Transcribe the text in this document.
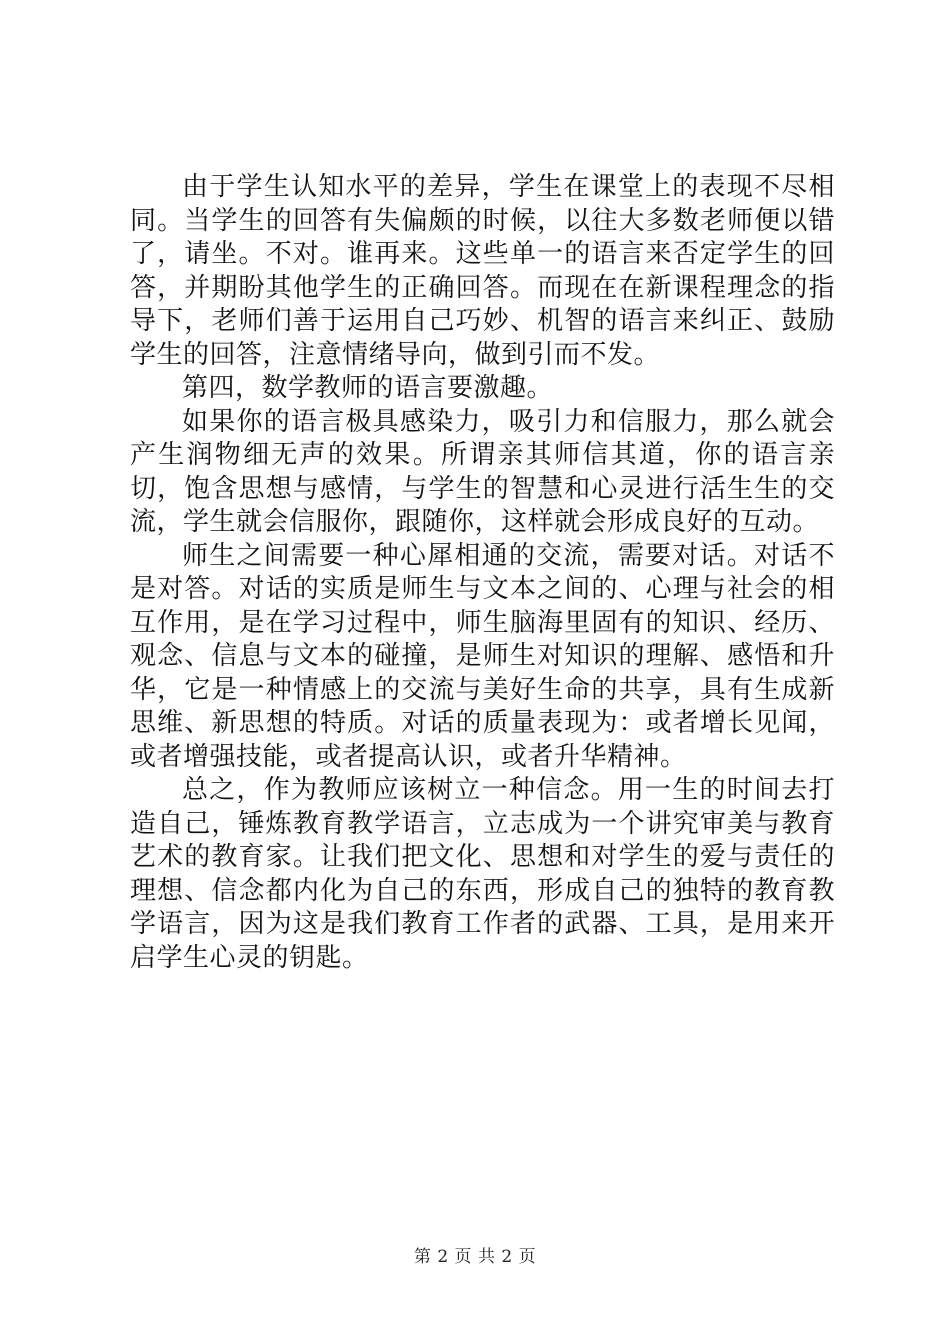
由于学生认知水平的差异，学生在课堂上的表现不尽相同。当学生的回答有失偏颇的时候，以往大多数老师便以错了，请坐。不对。谁再来。这些单一的语言来否定学生的回答，并期盼其他学生的正确回答。而现在在新课程理念的指导下，老师们善于运用自己巧妙、机智的语言来纠正、鼓励学生的回答，注意情绪导向，做到引而不发。

第四，数学教师的语言要激趣。

如果你的语言极具感染力，吸引力和信服力，那么就会产生润物细无声的效果。所谓亲其师信其道，你的语言亲切，饱含思想与感情，与学生的智慧和心灵进行活生生的交流，学生就会信服你，跟随你，这样就会形成良好的互动。

师生之间需要一种心犀相通的交流，需要对话。对话不是对答。对话的实质是师生与文本之间的、心理与社会的相互作用，是在学习过程中，师生脑海里固有的知识、经历、观念、信息与文本的碰撞，是师生对知识的理解、感悟和升华，它是一种情感上的交流与美好生命的共享，具有生成新思维、新思想的特质。对话的质量表现为：或者增长见闻，或者增强技能，或者提高认识，或者升华精神。

总之，作为教师应该树立一种信念。用一生的时间去打造自己，锤炼教育教学语言，立志成为一个讲究审美与教育艺术的教育家。让我们把文化、思想和对学生的爱与责任的理想、信念都内化为自己的东西，形成自己的独特的教育教学语言，因为这是我们教育工作者的武器、工具，是用来开启学生心灵的钥匙。

第 2 页 共 2 页
